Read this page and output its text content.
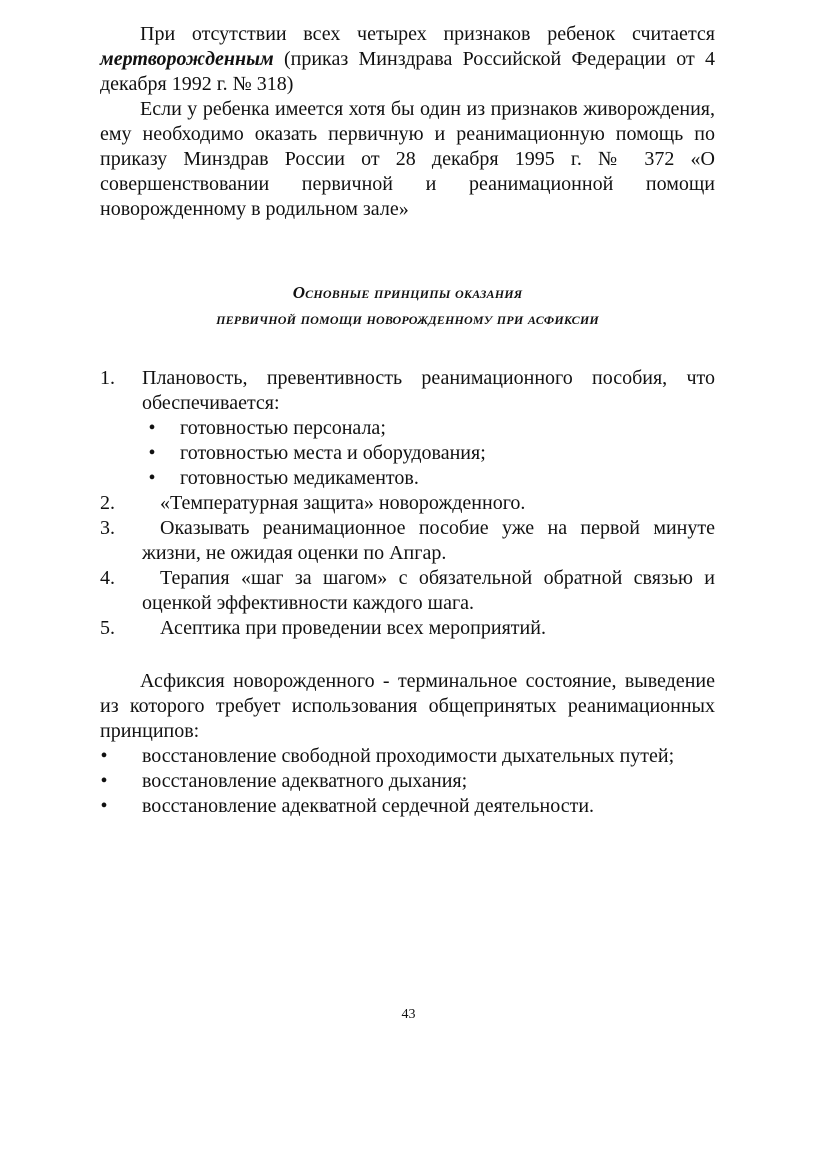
При отсутствии всех четырех признаков ребенок считается мертворожденным (приказ Минздрава Российской Федерации от 4 декабря 1992 г. № 318)

Если у ребенка имеется хотя бы один из признаков живорождения, ему необходимо оказать первичную и реанимационную помощь по приказу Минздрав России от 28 декабря 1995 г. № 372 «О совершенствовании первичной и реанимационной помощи новорожденному в родильном зале»

Основные принципы оказания
первичной помощи новорожденному при асфиксии
1. Плановость, превентивность реанимационного пособия, что обеспечивается:
•	готовностью персонала;
•	готовностью места и оборудования;
•	готовностью медикаментов.
2.	«Температурная защита» новорожденного.
3.	Оказывать реанимационное пособие уже на первой минуте жизни, не ожидая оценки по Апгар.
4.	Терапия «шаг за шагом» с обязательной обратной связью и оценкой эффективности каждого шага.
5.	Асептика при проведении всех мероприятий.

Асфиксия новорожденного - терминальное состояние, выведение из которого требует использования общепринятых реанимационных принципов:

• восстановление свободной проходимости дыхательных путей;
• восстановление адекватного дыхания;
• восстановление адекватной сердечной деятельности.
43
